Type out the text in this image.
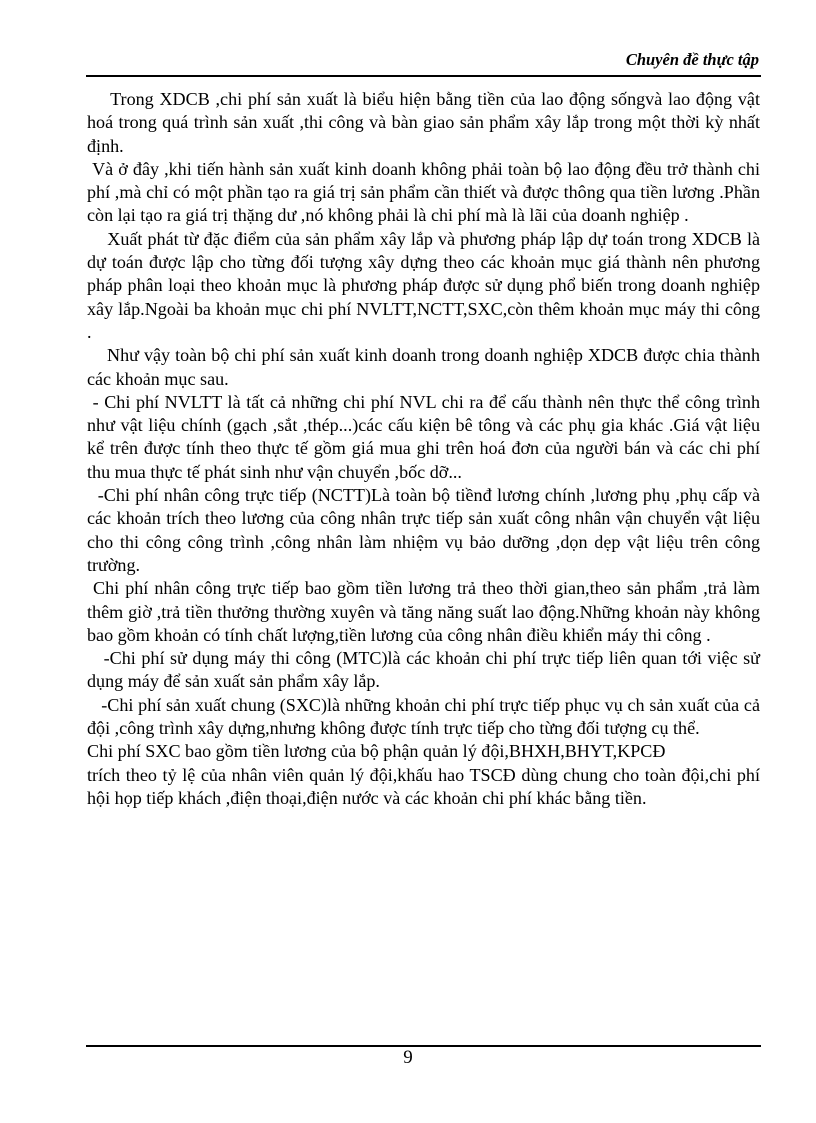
Chuyên đề thực tập

Trong XDCB ,chi phí sản xuất là biểu hiện bằng tiền của lao động sốngvà lao động vật hoá trong quá trình sản xuất ,thi công và bàn giao sản phẩm xây lắp trong một thời kỳ nhất định.

Và ở đây ,khi tiến hành sản xuất kinh doanh không phải toàn bộ lao động đều trở thành chi phí ,mà chỉ có một phần tạo ra giá trị sản phẩm cần thiết và được thông qua tiền lương .Phần còn lại tạo ra giá trị thặng dư ,nó không phải là chi phí mà là lãi của doanh nghiệp .

Xuất phát từ đặc điểm của sản phẩm xây lắp và phương pháp lập dự toán trong XDCB là dự toán được lập cho từng đối tượng xây dựng theo các khoản mục giá thành nên phương pháp phân loại theo khoản mục là phương pháp được sử dụng phổ biến trong doanh nghiệp xây lắp.Ngoài ba khoản mục chi phí NVLTT,NCTT,SXC,còn thêm khoản mục máy thi công .

Như vậy toàn bộ chi phí sản xuất kinh doanh trong doanh nghiệp XDCB được chia thành các khoản mục sau.

- Chi phí NVLTT là tất cả những chi phí NVL chi ra để cấu thành nên thực thể công trình như vật liệu chính (gạch ,sắt ,thép...)các cấu kiện bê tông và các phụ gia khác .Giá vật liệu kể trên được tính theo thực tế gồm giá mua ghi trên hoá đơn của người bán và các chi phí thu mua thực tế phát sinh như vận chuyển ,bốc dỡ...

-Chi phí nhân công trực tiếp (NCTT)Là toàn bộ tiềnđ lương chính ,lương phụ ,phụ cấp và các khoản trích theo lương của công nhân trực tiếp sản xuất công nhân vận chuyển vật liệu cho thi công công trình ,công nhân làm nhiệm vụ bảo dưỡng ,dọn dẹp vật liệu trên công trường.

Chi phí nhân công trực tiếp bao gồm tiền lương trả theo thời gian,theo sản phẩm ,trả làm thêm giờ ,trả tiền thưởng thường xuyên và tăng năng suất lao động.Những khoản này không bao gồm khoản có tính chất lượng,tiền lương của công nhân điều khiển máy thi công .

-Chi phí sử dụng máy thi công (MTC)là các khoản chi phí trực tiếp liên quan tới việc sử dụng máy để sản xuất sản phẩm xây lắp.

-Chi phí sản xuất chung (SXC)là những khoản chi phí trực tiếp phục vụ ch sản xuất của cả đội ,công trình xây dựng,nhưng không được tính trực tiếp cho từng đối tượng cụ thể.

Chi phí SXC bao gồm tiền lương của bộ phận quản lý đội,BHXH,BHYT,KPCĐ

trích theo tỷ lệ của nhân viên quản lý đội,khấu hao TSCĐ dùng chung cho toàn đội,chi phí hội họp tiếp khách ,điện thoại,điện nước và các khoản chi phí khác bằng tiền.

9
